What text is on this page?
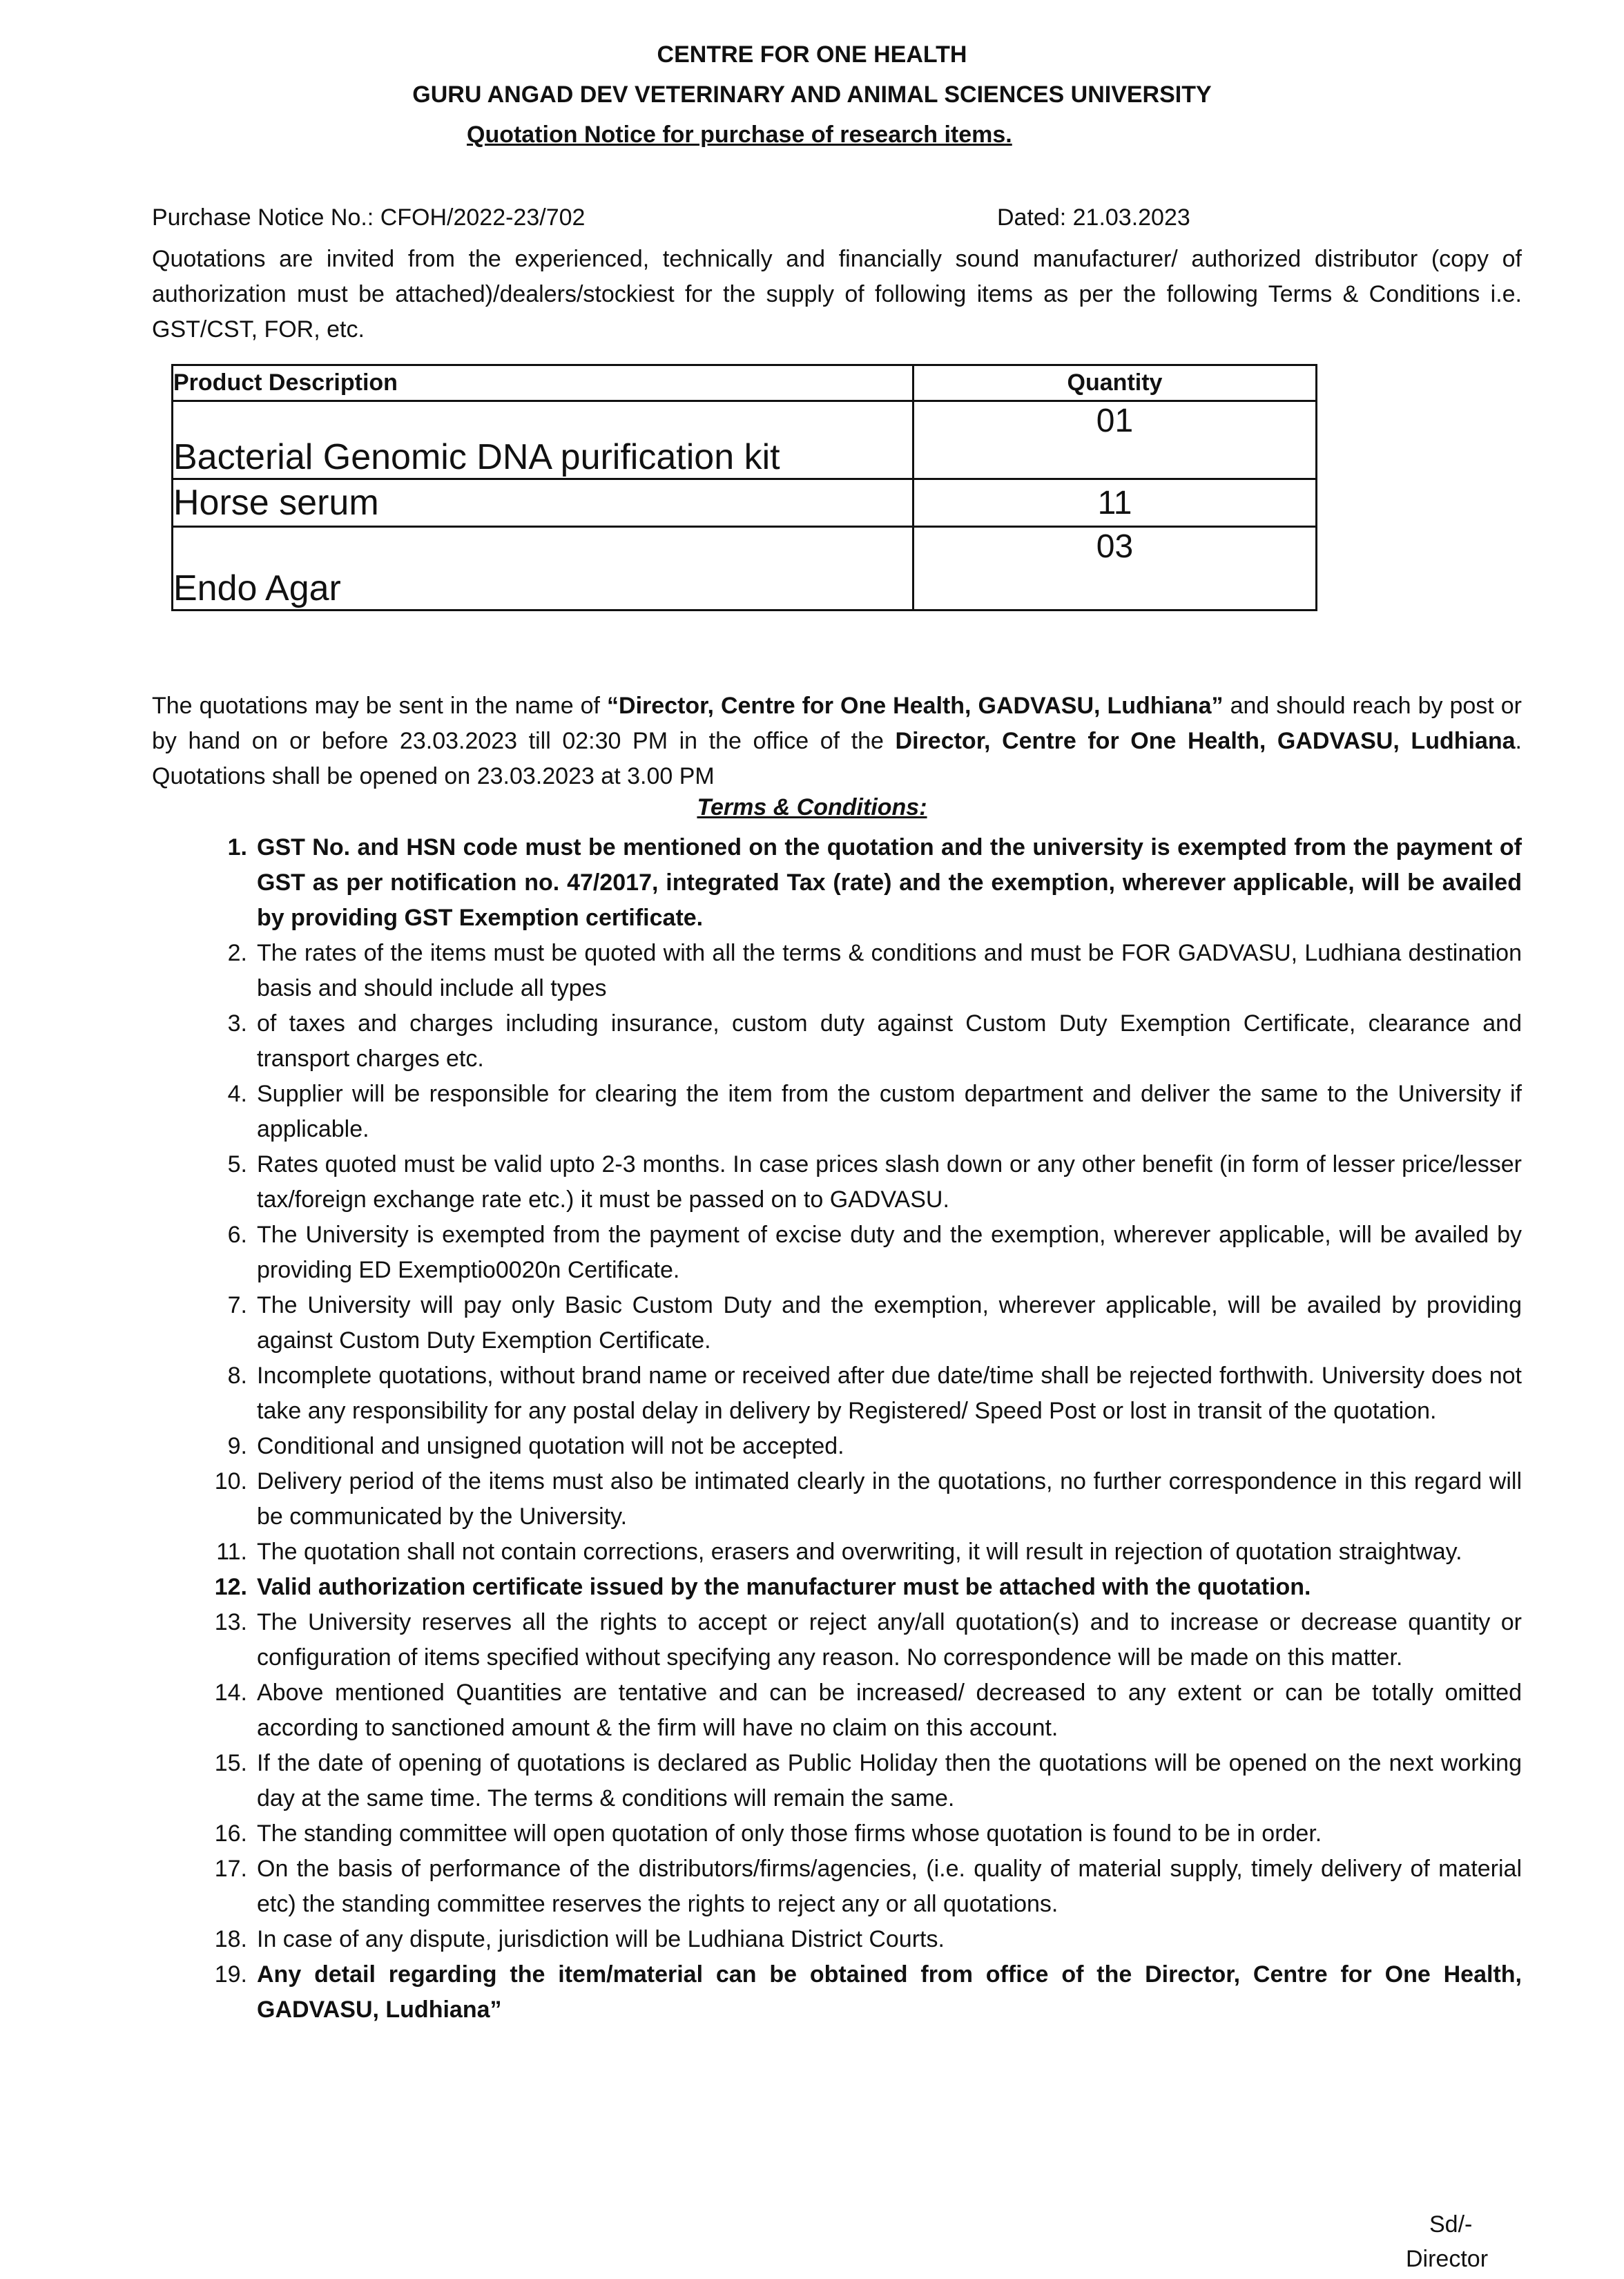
CENTRE FOR ONE HEALTH
GURU ANGAD DEV VETERINARY AND ANIMAL SCIENCES UNIVERSITY
Quotation Notice for purchase of research items.
Purchase Notice No.: CFOH/2022-23/702	Dated: 21.03.2023
Quotations are invited from the experienced, technically and financially sound manufacturer/ authorized distributor (copy of authorization must be attached)/dealers/stockiest for the supply of following items as per the following Terms & Conditions i.e. GST/CST, FOR, etc.
Product Description	Quantity
Bacterial Genomic DNA purification kit	01
Horse serum	11
Endo Agar	03
The quotations may be sent in the name of “Director, Centre for One Health, GADVASU, Ludhiana” and should reach by post or by hand on or before 23.03.2023 till 02:30 PM in the office of the Director, Centre for One Health, GADVASU, Ludhiana. Quotations shall be opened on 23.03.2023 at 3.00 PM
Terms & Conditions:
1. GST No. and HSN code must be mentioned on the quotation and the university is exempted from the payment of GST as per notification no. 47/2017, integrated Tax (rate) and the exemption, wherever applicable, will be availed by providing GST Exemption certificate.
2. The rates of the items must be quoted with all the terms & conditions and must be FOR GADVASU, Ludhiana destination basis and should include all types
3. of taxes and charges including insurance, custom duty against Custom Duty Exemption Certificate, clearance and transport charges etc.
4. Supplier will be responsible for clearing the item from the custom department and deliver the same to the University if applicable.
5. Rates quoted must be valid upto 2-3 months. In case prices slash down or any other benefit (in form of lesser price/lesser tax/foreign exchange rate etc.) it must be passed on to GADVASU.
6. The University is exempted from the payment of excise duty and the exemption, wherever applicable, will be availed by providing ED Exemptio0020n Certificate.
7. The University will pay only Basic Custom Duty and the exemption, wherever applicable, will be availed by providing against Custom Duty Exemption Certificate.
8. Incomplete quotations, without brand name or received after due date/time shall be rejected forthwith. University does not take any responsibility for any postal delay in delivery by Registered/ Speed Post or lost in transit of the quotation.
9. Conditional and unsigned quotation will not be accepted.
10. Delivery period of the items must also be intimated clearly in the quotations, no further correspondence in this regard will be communicated by the University.
11. The quotation shall not contain corrections, erasers and overwriting, it will result in rejection of quotation straightway.
12. Valid authorization certificate issued by the manufacturer must be attached with the quotation.
13. The University reserves all the rights to accept or reject any/all quotation(s) and to increase or decrease quantity or configuration of items specified without specifying any reason. No correspondence will be made on this matter.
14. Above mentioned Quantities are tentative and can be increased/ decreased to any extent or can be totally omitted according to sanctioned amount & the firm will have no claim on this account.
15. If the date of opening of quotations is declared as Public Holiday then the quotations will be opened on the next working day at the same time. The terms & conditions will remain the same.
16. The standing committee will open quotation of only those firms whose quotation is found to be in order.
17. On the basis of performance of the distributors/firms/agencies, (i.e. quality of material supply, timely delivery of material etc) the standing committee reserves the rights to reject any or all quotations.
18. In case of any dispute, jurisdiction will be Ludhiana District Courts.
19. Any detail regarding the item/material can be obtained from office of the Director, Centre for One Health, GADVASU, Ludhiana”
Sd/-
Director
